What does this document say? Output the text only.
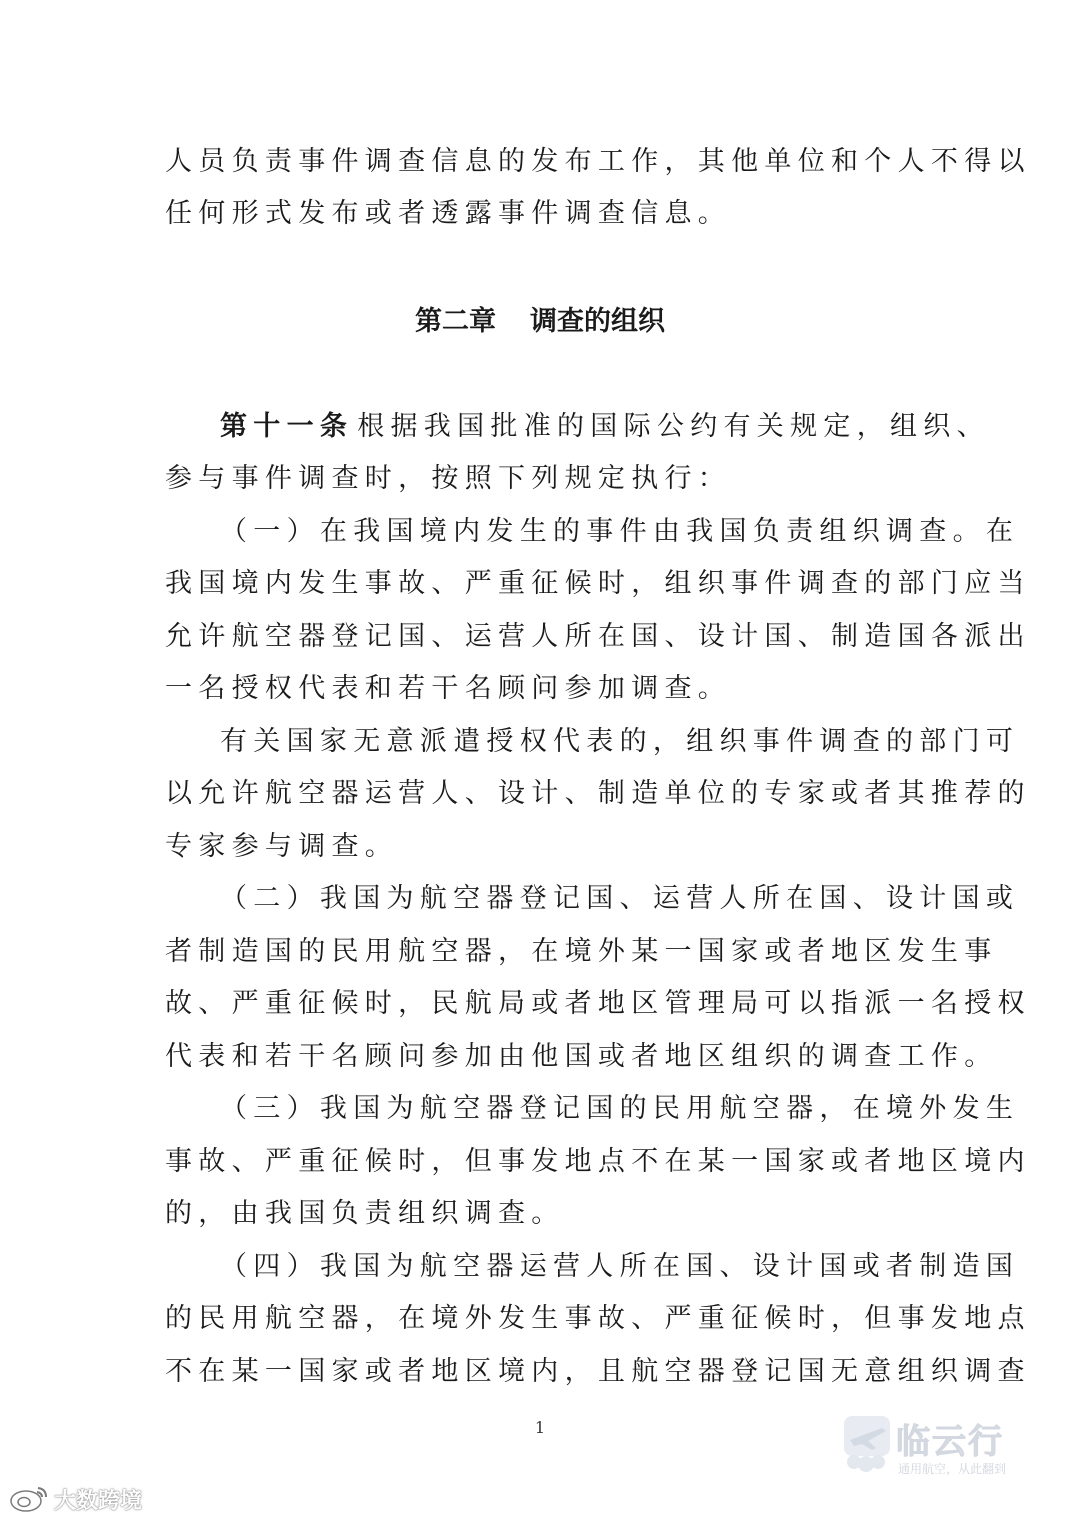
人员负责事件调查信息的发布工作，其他单位和个人不得以
任何形式发布或者透露事件调查信息。
第二章 调查的组织
第十一条 根据我国批准的国际公约有关规定，组织、
参与事件调查时，按照下列规定执行：
（一）在我国境内发生的事件由我国负责组织调查。在
我国境内发生事故、严重征候时，组织事件调查的部门应当
允许航空器登记国、运营人所在国、设计国、制造国各派出
一名授权代表和若干名顾问参加调查。
有关国家无意派遣授权代表的，组织事件调查的部门可
以允许航空器运营人、设计、制造单位的专家或者其推荐的
专家参与调查。
（二）我国为航空器登记国、运营人所在国、设计国或
者制造国的民用航空器，在境外某一国家或者地区发生事
故、严重征候时，民航局或者地区管理局可以指派一名授权
代表和若干名顾问参加由他国或者地区组织的调查工作。
（三）我国为航空器登记国的民用航空器，在境外发生
事故、严重征候时，但事发地点不在某一国家或者地区境内
的，由我国负责组织调查。
（四）我国为航空器运营人所在国、设计国或者制造国
的民用航空器，在境外发生事故、严重征候时，但事发地点
不在某一国家或者地区境内，且航空器登记国无意组织调查
1	临云行
通用航空，从此翻到
大数跨境
